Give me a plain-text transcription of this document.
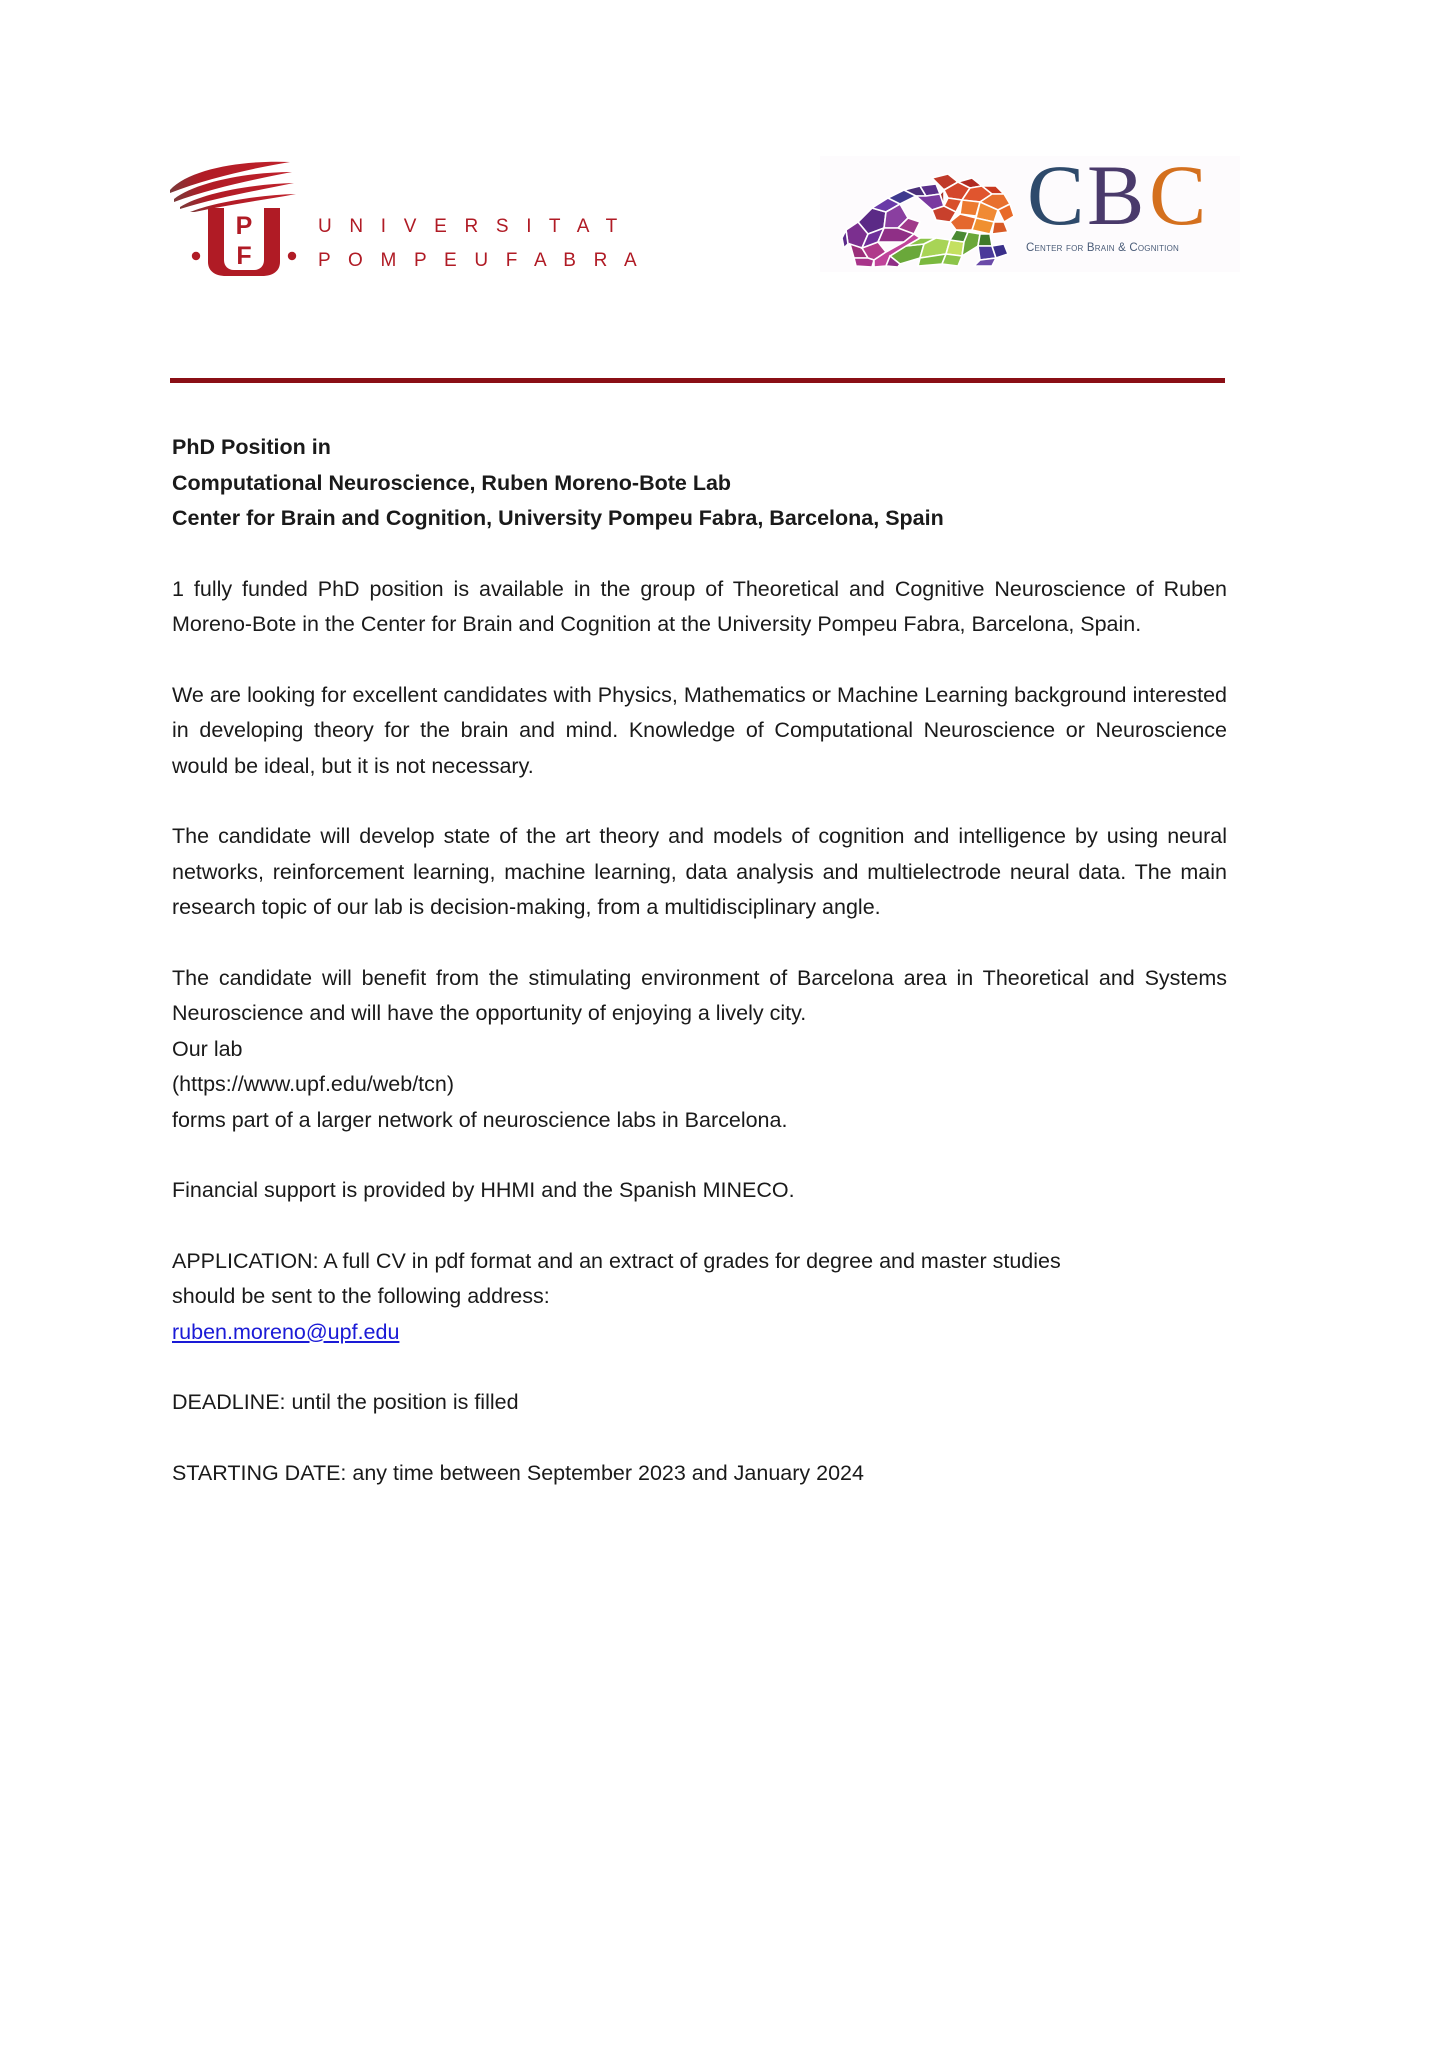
P
F
U N I V E R S I T A T
P O M P E U F A B R A
C B C
Center for Brain & Cognition
PhD Position in
Computational Neuroscience, Ruben Moreno-Bote Lab
Center for Brain and Cognition, University Pompeu Fabra, Barcelona, Spain

1 fully funded PhD position is available in the group of Theoretical and Cognitive Neuroscience of Ruben Moreno-Bote in the Center for Brain and Cognition at the University Pompeu Fabra, Barcelona, Spain.

We are looking for excellent candidates with Physics, Mathematics or Machine Learning background interested in developing theory for the brain and mind. Knowledge of Computational Neuroscience or Neuroscience would be ideal, but it is not necessary.

The candidate will develop state of the art theory and models of cognition and intelligence by using neural networks, reinforcement learning, machine learning, data analysis and multielectrode neural data. The main research topic of our lab is decision-making, from a multidisciplinary angle.

The candidate will benefit from the stimulating environment of Barcelona area in Theoretical and Systems Neuroscience and will have the opportunity of enjoying a lively city.
Our lab
(https://www.upf.edu/web/tcn)
forms part of a larger network of neuroscience labs in Barcelona.

Financial support is provided by HHMI and the Spanish MINECO.

APPLICATION: A full CV in pdf format and an extract of grades for degree and master studies
should be sent to the following address:
ruben.moreno@upf.edu

DEADLINE: until the position is filled

STARTING DATE: any time between September 2023 and January 2024
